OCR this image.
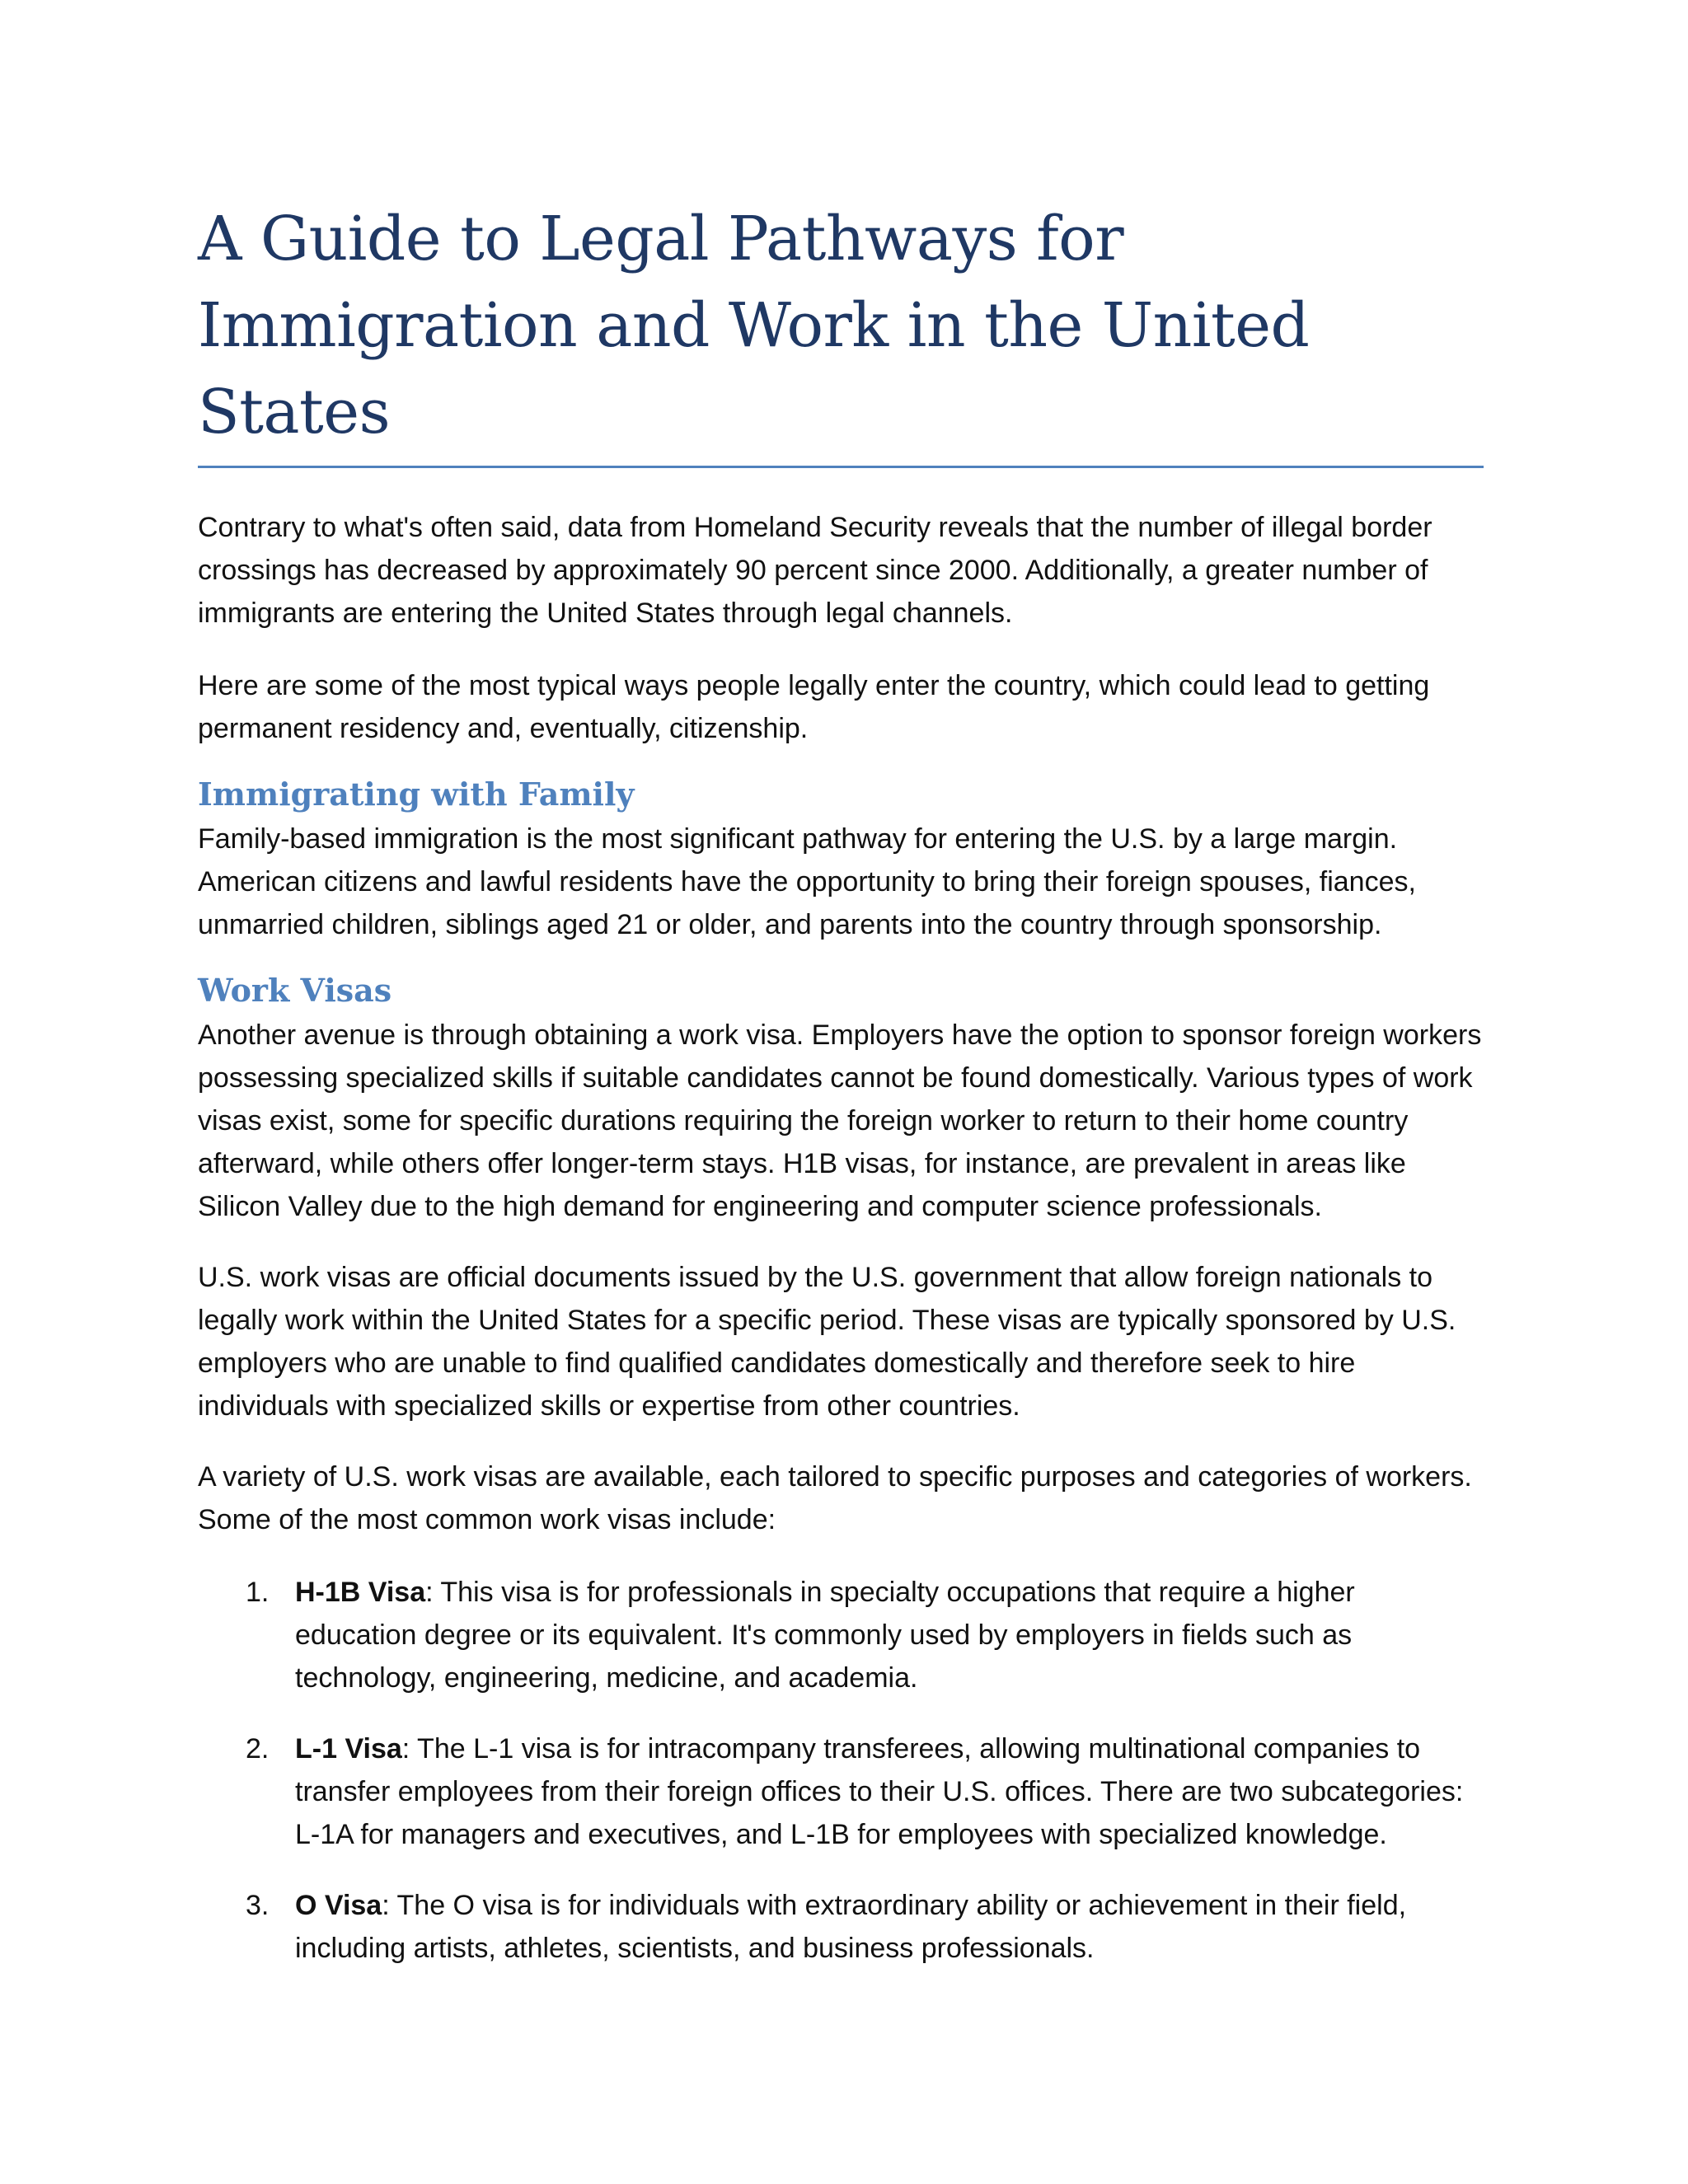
A Guide to Legal Pathways for
Immigration and Work in the United
States

Contrary to what's often said, data from Homeland Security reveals that the number of illegal border crossings has decreased by approximately 90 percent since 2000. Additionally, a greater number of immigrants are entering the United States through legal channels.

Here are some of the most typical ways people legally enter the country, which could lead to getting permanent residency and, eventually, citizenship.

Immigrating with Family

Family-based immigration is the most significant pathway for entering the U.S. by a large margin. American citizens and lawful residents have the opportunity to bring their foreign spouses, fiances, unmarried children, siblings aged 21 or older, and parents into the country through sponsorship.

Work Visas

Another avenue is through obtaining a work visa. Employers have the option to sponsor foreign workers possessing specialized skills if suitable candidates cannot be found domestically. Various types of work visas exist, some for specific durations requiring the foreign worker to return to their home country afterward, while others offer longer-term stays. H1B visas, for instance, are prevalent in areas like Silicon Valley due to the high demand for engineering and computer science professionals.

U.S. work visas are official documents issued by the U.S. government that allow foreign nationals to legally work within the United States for a specific period. These visas are typically sponsored by U.S. employers who are unable to find qualified candidates domestically and therefore seek to hire individuals with specialized skills or expertise from other countries.

A variety of U.S. work visas are available, each tailored to specific purposes and categories of workers. Some of the most common work visas include:

1. H-1B Visa: This visa is for professionals in specialty occupations that require a higher education degree or its equivalent. It's commonly used by employers in fields such as technology, engineering, medicine, and academia.
2. L-1 Visa: The L-1 visa is for intracompany transferees, allowing multinational companies to transfer employees from their foreign offices to their U.S. offices. There are two subcategories: L-1A for managers and executives, and L-1B for employees with specialized knowledge.
3. O Visa: The O visa is for individuals with extraordinary ability or achievement in their field, including artists, athletes, scientists, and business professionals.
